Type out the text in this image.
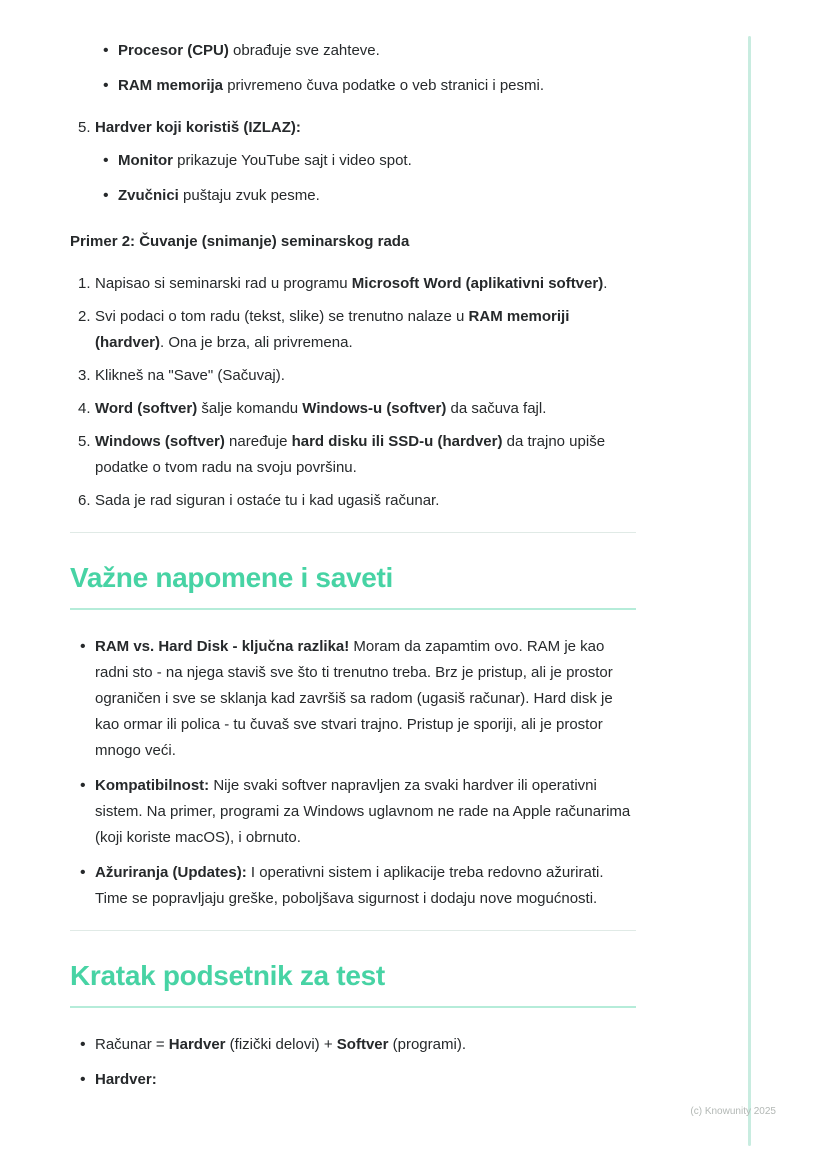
•

Procesor (CPU) obrađuje sve zahteve.

•

RAM memorija privremeno čuva podatke o veb stranici i pesmi.

5. Hardver koji koristiš (IZLAZ):

•

Monitor prikazuje YouTube sajt i video spot.

•

Zvučnici puštaju zvuk pesme.

Primer 2: Čuvanje (snimanje) seminarskog rada

1. Napisao si seminarski rad u programu Microsoft Word (aplikativni softver).

2. Svi podaci o tom radu (tekst, slike) se trenutno nalaze u RAM memoriji (hardver). Ona je brza, ali privremena.

3. Klikneš na "Save" (Sačuvaj).

4. Word (softver) šalje komandu Windows-u (softver) da sačuva fajl.

5. Windows (softver) naređuje hard disku ili SSD-u (hardver) da trajno upiše podatke o tvom radu na svoju površinu.

6. Sada je rad siguran i ostaće tu i kad ugasiš računar.

Važne napomene i saveti
•

RAM vs. Hard Disk - ključna razlika! Moram da zapamtim ovo. RAM je kao radni sto - na njega staviš sve što ti trenutno treba. Brz je pristup, ali je prostor ograničen i sve se sklanja kad završiš sa radom (ugasiš računar). Hard disk je kao ormar ili polica - tu čuvaš sve stvari trajno. Pristup je sporiji, ali je prostor mnogo veći.

•

Kompatibilnost: Nije svaki softver napravljen za svaki hardver ili operativni sistem. Na primer, programi za Windows uglavnom ne rade na Apple računarima (koji koriste macOS), i obrnuto.

•

Ažuriranja (Updates): I operativni sistem i aplikacije treba redovno ažurirati. Time se popravljaju greške, poboljšava sigurnost i dodaju nove mogućnosti.

Kratak podsetnik za test
•

Računar = Hardver (fizički delovi) + Softver (programi).

•

Hardver:

(c) Knowunity 2025
